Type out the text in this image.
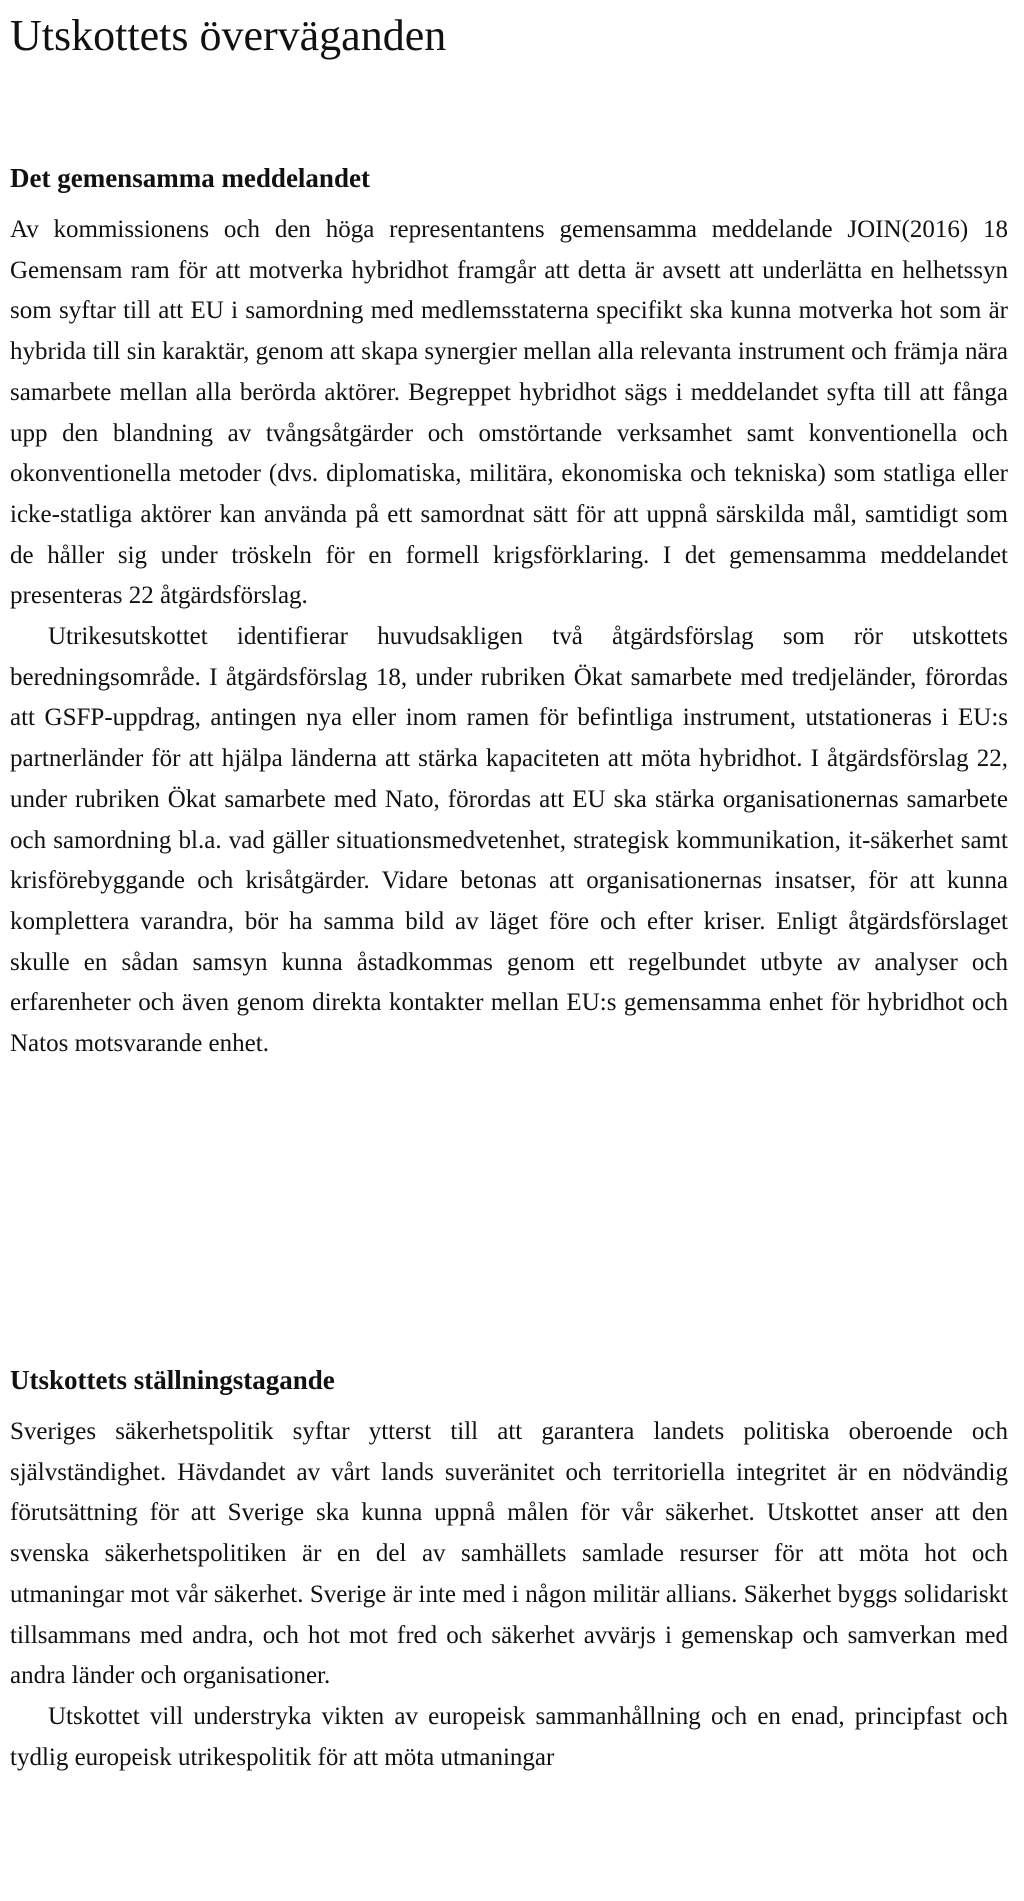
Utskottets överväganden
Det gemensamma meddelandet

Av kommissionens och den höga representantens gemensamma meddelande JOIN(2016) 18 Gemensam ram för att motverka hybridhot framgår att detta är avsett att underlätta en helhetssyn som syftar till att EU i samordning med medlemsstaterna specifikt ska kunna motverka hot som är hybrida till sin karaktär, genom att skapa synergier mellan alla relevanta instrument och främja nära samarbete mellan alla berörda aktörer. Begreppet hybridhot sägs i meddelandet syfta till att fånga upp den blandning av tvångsåtgärder och omstörtande verksamhet samt konventionella och okonventionella metoder (dvs. diplomatiska, militära, ekonomiska och tekniska) som statliga eller icke-statliga aktörer kan använda på ett samordnat sätt för att uppnå särskilda mål, samtidigt som de håller sig under tröskeln för en formell krigsförklaring. I det gemensamma meddelandet presenteras 22 åtgärdsförslag.

Utrikesutskottet identifierar huvudsakligen två åtgärdsförslag som rör utskottets beredningsområde. I åtgärdsförslag 18, under rubriken Ökat samarbete med tredjeländer, förordas att GSFP-uppdrag, antingen nya eller inom ramen för befintliga instrument, utstationeras i EU:s partnerländer för att hjälpa länderna att stärka kapaciteten att möta hybridhot. I åtgärdsförslag 22, under rubriken Ökat samarbete med Nato, förordas att EU ska stärka organisationernas samarbete och samordning bl.a. vad gäller situationsmedvetenhet, strategisk kommunikation, it-säkerhet samt krisförebyggande och krisåtgärder. Vidare betonas att organisationernas insatser, för att kunna komplettera varandra, bör ha samma bild av läget före och efter kriser. Enligt åtgärdsförslaget skulle en sådan samsyn kunna åstadkommas genom ett regelbundet utbyte av analyser och erfarenheter och även genom direkta kontakter mellan EU:s gemensamma enhet för hybridhot och Natos motsvarande enhet.

Utskottets ställningstagande

Sveriges säkerhetspolitik syftar ytterst till att garantera landets politiska oberoende och självständighet. Hävdandet av vårt lands suveränitet och territoriella integritet är en nödvändig förutsättning för att Sverige ska kunna uppnå målen för vår säkerhet. Utskottet anser att den svenska säkerhetspolitiken är en del av samhällets samlade resurser för att möta hot och utmaningar mot vår säkerhet. Sverige är inte med i någon militär allians. Säkerhet byggs solidariskt tillsammans med andra, och hot mot fred och säkerhet avvärjs i gemenskap och samverkan med andra länder och organisationer.

Utskottet vill understryka vikten av europeisk sammanhållning och en enad, principfast och tydlig europeisk utrikespolitik för att möta utmaningar
